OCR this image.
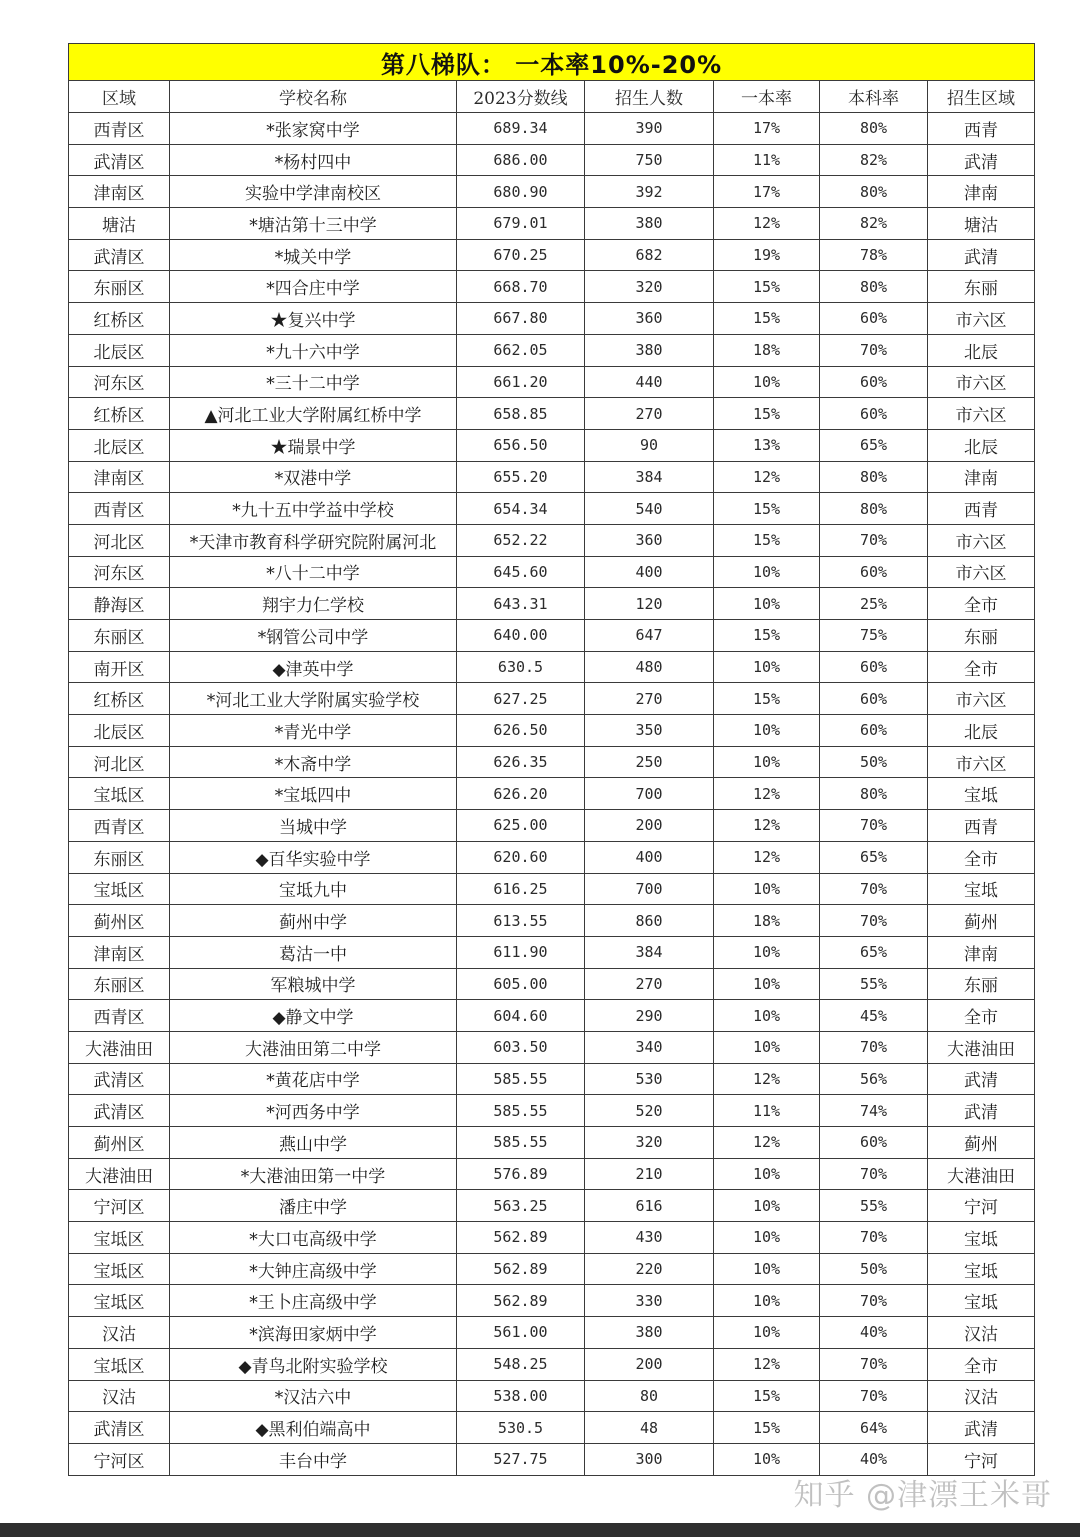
第八梯队： 一本率10%-20%						
区域	学校名称	2023分数线	招生人数	一本率	本科率	招生区域
西青区	*张家窝中学	689.34	390	17%	80%	西青
武清区	*杨村四中	686.00	750	11%	82%	武清
津南区	实验中学津南校区	680.90	392	17%	80%	津南
塘沽	*塘沽第十三中学	679.01	380	12%	82%	塘沽
武清区	*城关中学	670.25	682	19%	78%	武清
东丽区	*四合庄中学	668.70	320	15%	80%	东丽
红桥区	★复兴中学	667.80	360	15%	60%	市六区
北辰区	*九十六中学	662.05	380	18%	70%	北辰
河东区	*三十二中学	661.20	440	10%	60%	市六区
红桥区	▲河北工业大学附属红桥中学	658.85	270	15%	60%	市六区
北辰区	★瑞景中学	656.50	90	13%	65%	北辰
津南区	*双港中学	655.20	384	12%	80%	津南
西青区	*九十五中学益中学校	654.34	540	15%	80%	西青
河北区	*天津市教育科学研究院附属河北	652.22	360	15%	70%	市六区
河东区	*八十二中学	645.60	400	10%	60%	市六区
静海区	翔宇力仁学校	643.31	120	10%	25%	全市
东丽区	*钢管公司中学	640.00	647	15%	75%	东丽
南开区	◆津英中学	630.5	480	10%	60%	全市
红桥区	*河北工业大学附属实验学校	627.25	270	15%	60%	市六区
北辰区	*青光中学	626.50	350	10%	60%	北辰
河北区	*木斋中学	626.35	250	10%	50%	市六区
宝坻区	*宝坻四中	626.20	700	12%	80%	宝坻
西青区	当城中学	625.00	200	12%	70%	西青
东丽区	◆百华实验中学	620.60	400	12%	65%	全市
宝坻区	宝坻九中	616.25	700	10%	70%	宝坻
蓟州区	蓟州中学	613.55	860	18%	70%	蓟州
津南区	葛沽一中	611.90	384	10%	65%	津南
东丽区	军粮城中学	605.00	270	10%	55%	东丽
西青区	◆静文中学	604.60	290	10%	45%	全市
大港油田	大港油田第二中学	603.50	340	10%	70%	大港油田
武清区	*黄花店中学	585.55	530	12%	56%	武清
武清区	*河西务中学	585.55	520	11%	74%	武清
蓟州区	燕山中学	585.55	320	12%	60%	蓟州
大港油田	*大港油田第一中学	576.89	210	10%	70%	大港油田
宁河区	潘庄中学	563.25	616	10%	55%	宁河
宝坻区	*大口屯高级中学	562.89	430	10%	70%	宝坻
宝坻区	*大钟庄高级中学	562.89	220	10%	50%	宝坻
宝坻区	*王卜庄高级中学	562.89	330	10%	70%	宝坻
汉沽	*滨海田家炳中学	561.00	380	10%	40%	汉沽
宝坻区	◆青鸟北附实验学校	548.25	200	12%	70%	全市
汉沽	*汉沽六中	538.00	80	15%	70%	汉沽
武清区	◆黑利伯端高中	530.5	48	15%	64%	武清
宁河区	丰台中学	527.75	300	10%	40%	宁河
知乎 @津漂王米哥
